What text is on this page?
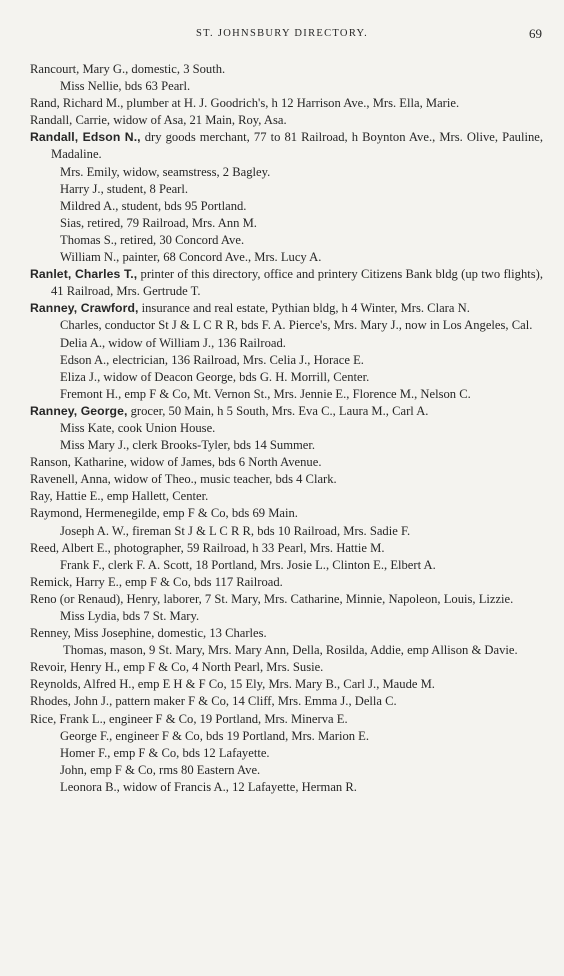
ST. JOHNSBURY DIRECTORY.	69
Rancourt, Mary G., domestic, 3 South.
Miss Nellie, bds 63 Pearl.
Rand, Richard M., plumber at H. J. Goodrich's, h 12 Harrison Ave., Mrs. Ella, Marie.
Randall, Carrie, widow of Asa, 21 Main, Roy, Asa.
Randall, Edson N., dry goods merchant, 77 to 81 Railroad, h Boynton Ave., Mrs. Olive, Pauline, Madaline.
Mrs. Emily, widow, seamstress, 2 Bagley.
Harry J., student, 8 Pearl.
Mildred A., student, bds 95 Portland.
Sias, retired, 79 Railroad, Mrs. Ann M.
Thomas S., retired, 30 Concord Ave.
William N., painter, 68 Concord Ave., Mrs. Lucy A.
Ranlet, Charles T., printer of this directory, office and printery Citizens Bank bldg (up two flights), 41 Railroad, Mrs. Gertrude T.
Ranney, Crawford, insurance and real estate, Pythian bldg, h 4 Winter, Mrs. Clara N.
Charles, conductor St J & L C R R, bds F. A. Pierce's, Mrs. Mary J., now in Los Angeles, Cal.
Delia A., widow of William J., 136 Railroad.
Edson A., electrician, 136 Railroad, Mrs. Celia J., Horace E.
Eliza J., widow of Deacon George, bds G. H. Morrill, Center.
Fremont H., emp F & Co, Mt. Vernon St., Mrs. Jennie E., Florence M., Nelson C.
Ranney, George, grocer, 50 Main, h 5 South, Mrs. Eva C., Laura M., Carl A.
Miss Kate, cook Union House.
Miss Mary J., clerk Brooks-Tyler, bds 14 Summer.
Ranson, Katharine, widow of James, bds 6 North Avenue.
Ravenell, Anna, widow of Theo., music teacher, bds 4 Clark.
Ray, Hattie E., emp Hallett, Center.
Raymond, Hermenegilde, emp F & Co, bds 69 Main.
Joseph A. W., fireman St J & L C R R, bds 10 Railroad, Mrs. Sadie F.
Reed, Albert E., photographer, 59 Railroad, h 33 Pearl, Mrs. Hattie M.
Frank F., clerk F. A. Scott, 18 Portland, Mrs. Josie L., Clinton E., Elbert A.
Remick, Harry E., emp F & Co, bds 117 Railroad.
Reno (or Renaud), Henry, laborer, 7 St. Mary, Mrs. Catharine, Minnie, Napoleon, Louis, Lizzie.
Miss Lydia, bds 7 St. Mary.
Renney, Miss Josephine, domestic, 13 Charles.
Thomas, mason, 9 St. Mary, Mrs. Mary Ann, Della, Rosilda, Addie, emp Allison & Davie.
Revoir, Henry H., emp F & Co, 4 North Pearl, Mrs. Susie.
Reynolds, Alfred H., emp E H & F Co, 15 Ely, Mrs. Mary B., Carl J., Maude M.
Rhodes, John J., pattern maker F & Co, 14 Cliff, Mrs. Emma J., Della C.
Rice, Frank L., engineer F & Co, 19 Portland, Mrs. Minerva E.
George F., engineer F & Co, bds 19 Portland, Mrs. Marion E.
Homer F., emp F & Co, bds 12 Lafayette.
John, emp F & Co, rms 80 Eastern Ave.
Leonora B., widow of Francis A., 12 Lafayette, Herman R.
